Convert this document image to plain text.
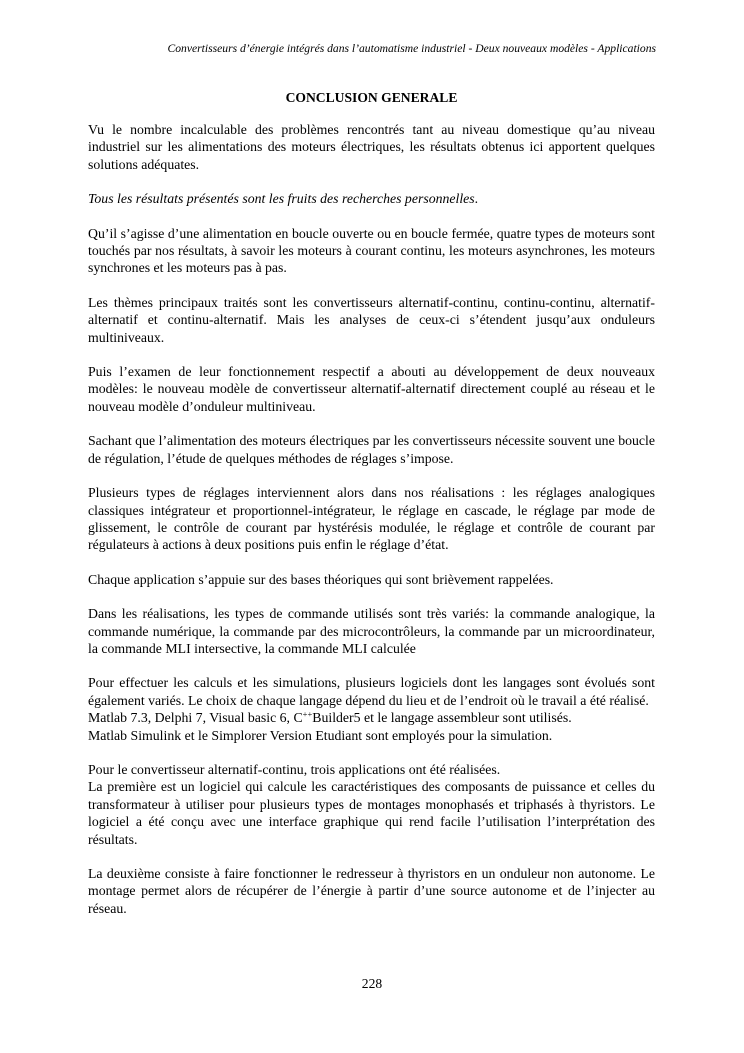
Convertisseurs d’énergie intégrés dans l’automatisme industriel - Deux nouveaux modèles - Applications
CONCLUSION GENERALE

Vu le nombre incalculable des problèmes rencontrés tant au niveau domestique qu’au niveau industriel sur les alimentations des moteurs électriques, les résultats obtenus ici apportent quelques solutions adéquates.

Tous les résultats présentés sont les fruits des recherches personnelles.

Qu’il s’agisse d’une alimentation en boucle ouverte ou en boucle fermée, quatre types de moteurs sont touchés par nos résultats, à savoir les moteurs à courant continu, les moteurs asynchrones, les moteurs synchrones et les moteurs pas à pas.

Les thèmes principaux traités sont les convertisseurs alternatif-continu, continu-continu, alternatif-alternatif et continu-alternatif. Mais les analyses de ceux-ci s’étendent jusqu’aux onduleurs multiniveaux.

Puis l’examen de leur fonctionnement respectif a abouti au développement de deux nouveaux modèles: le nouveau modèle de convertisseur alternatif-alternatif directement couplé au réseau et le nouveau modèle d’onduleur multiniveau.

Sachant que l’alimentation des moteurs électriques par les convertisseurs nécessite souvent une boucle de régulation, l’étude de quelques méthodes de réglages s’impose.

Plusieurs types de réglages interviennent alors dans nos réalisations : les réglages analogiques classiques intégrateur et proportionnel-intégrateur, le réglage en cascade, le réglage par mode de glissement, le contrôle de courant par hystérésis modulée, le réglage et contrôle de courant par régulateurs à actions à deux positions puis enfin le réglage d’état.

Chaque application s’appuie sur des bases théoriques qui sont brièvement rappelées.

Dans les réalisations, les types de commande utilisés sont très variés: la commande analogique, la commande numérique, la commande par des microcontrôleurs, la commande par un microordinateur, la commande MLI intersective, la commande MLI calculée

Pour effectuer les calculs et les simulations, plusieurs logiciels dont les langages sont évolués sont également variés. Le choix de chaque langage dépend du lieu et de l’endroit où le travail a été réalisé.

Matlab 7.3, Delphi 7, Visual basic 6, C++Builder5 et le langage assembleur sont utilisés.

Matlab Simulink et le Simplorer Version Etudiant sont employés pour la simulation.

Pour le convertisseur alternatif-continu, trois applications ont été réalisées.

La première est un logiciel qui calcule les caractéristiques des composants de puissance et celles du transformateur à utiliser pour plusieurs types de montages monophasés et triphasés à thyristors. Le logiciel a été conçu avec une interface graphique qui rend facile l’utilisation l’interprétation des résultats.

La deuxième consiste à faire fonctionner le redresseur à thyristors en un onduleur non autonome. Le montage permet alors de récupérer de l’énergie à partir d’une source autonome et de l’injecter au réseau.

228
